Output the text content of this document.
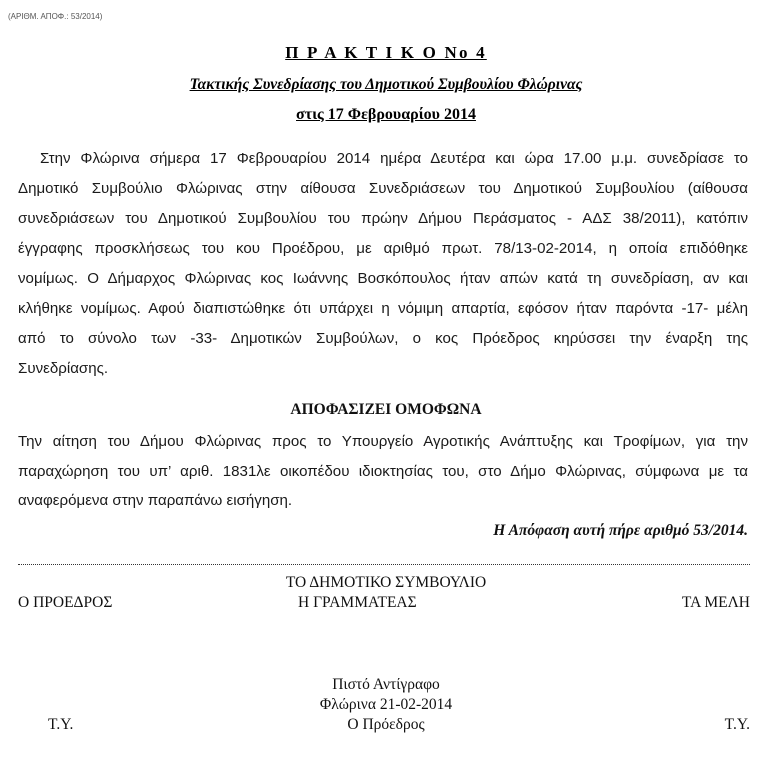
(ΑΡΙΘΜ. ΑΠΟΦ.: 53/2014)
Π Ρ Α Κ Τ Ι Κ Ο Νο 4
Τακτικής Συνεδρίασης του Δημοτικού Συμβουλίου Φλώρινας
στις 17 Φεβρουαρίου 2014
Στην Φλώρινα σήμερα 17 Φεβρουαρίου 2014 ημέρα Δευτέρα και ώρα 17.00 μ.μ. συνεδρίασε το
Δημοτικό Συμβούλιο Φλώρινας στην αίθουσα Συνεδριάσεων του Δημοτικού Συμβουλίου (αίθουσα
συνεδριάσεων του Δημοτικού Συμβουλίου του πρώην Δήμου Περάσματος - ΑΔΣ 38/2011), κατόπιν
έγγραφης προσκλήσεως του κου Προέδρου, με αριθμό πρωτ. 78/13-02-2014, η οποία επιδόθηκε
νομίμως. Ο Δήμαρχος Φλώρινας κος Ιωάννης Βοσκόπουλος ήταν απών κατά τη συνεδρίαση, αν και
κλήθηκε νομίμως. Αφού διαπιστώθηκε ότι υπάρχει η νόμιμη απαρτία, εφόσον ήταν παρόντα -17- μέλη
από το σύνολο των -33- Δημοτικών Συμβούλων, ο κος Πρόεδρος κηρύσσει την έναρξη της
Συνεδρίασης.
ΑΠΟΦΑΣΙΖΕΙ ΟΜΟΦΩΝΑ
Την αίτηση του Δήμου Φλώρινας προς το Υπουργείο Αγροτικής Ανάπτυξης και Τροφίμων, για την
παραχώρηση του υπ’ αριθ. 1831λε οικοπέδου ιδιοκτησίας του, στο Δήμο Φλώρινας, σύμφωνα με τα
αναφερόμενα στην παραπάνω εισήγηση.
Η Απόφαση αυτή πήρε αριθμό 53/2014.
ΤΟ ΔΗΜΟΤΙΚΟ ΣΥΜΒΟΥΛΙΟ
Ο ΠΡΟΕΔΡΟΣ	Η ΓΡΑΜΜΑΤΕΑΣ	ΤΑ ΜΕΛΗ
Πιστό Αντίγραφο
Φλώρινα 21-02-2014
Ο Πρόεδρος
Τ.Υ.	Τ.Υ.
